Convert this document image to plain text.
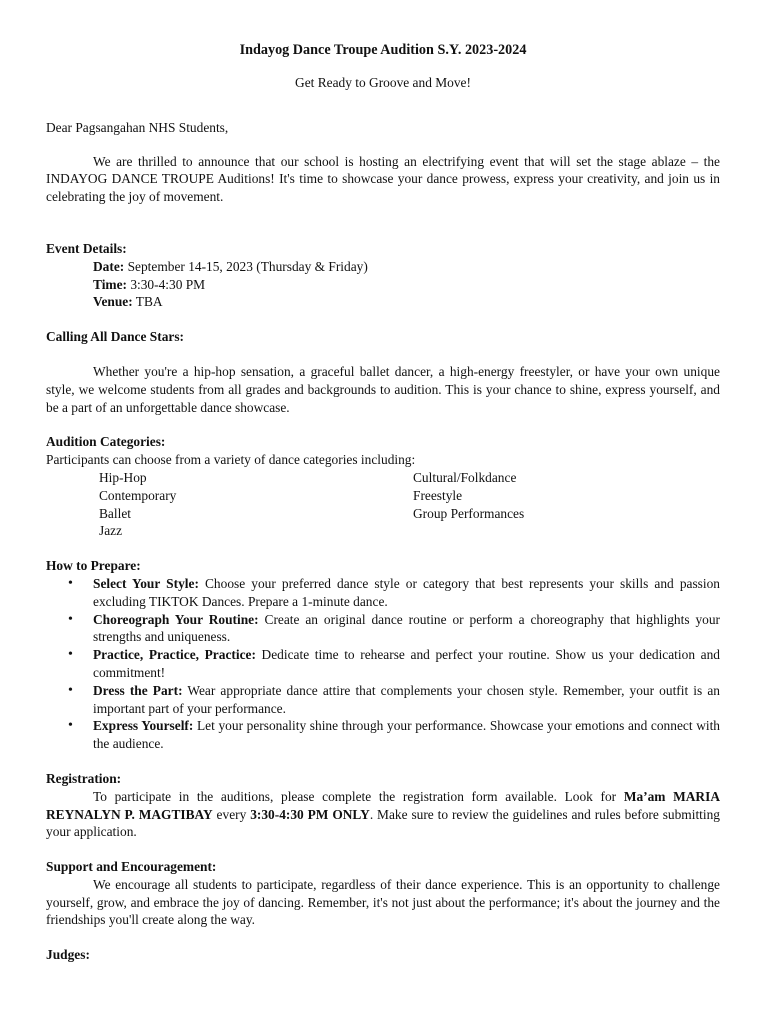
Indayog Dance Troupe Audition S.Y. 2023-2024

Get Ready to Groove and Move!

Dear Pagsangahan NHS Students,

We are thrilled to announce that our school is hosting an electrifying event that will set the stage ablaze – the INDAYOG DANCE TROUPE Auditions! It's time to showcase your dance prowess, express your creativity, and join us in celebrating the joy of movement.

Event Details:

Date: September 14-15, 2023 (Thursday & Friday)

Time: 3:30-4:30 PM

Venue: TBA

Calling All Dance Stars:

Whether you're a hip-hop sensation, a graceful ballet dancer, a high-energy freestyler, or have your own unique style, we welcome students from all grades and backgrounds to audition. This is your chance to shine, express yourself, and be a part of an unforgettable dance showcase.

Audition Categories:

Participants can choose from a variety of dance categories including:

Hip-Hop

Contemporary

Ballet

Jazz

Cultural/Folkdance

Freestyle

Group Performances

How to Prepare:

• Select Your Style: Choose your preferred dance style or category that best represents your skills and passion excluding TIKTOK Dances. Prepare a 1-minute dance.
• Choreograph Your Routine: Create an original dance routine or perform a choreography that highlights your strengths and uniqueness.
• Practice, Practice, Practice: Dedicate time to rehearse and perfect your routine. Show us your dedication and commitment!
• Dress the Part: Wear appropriate dance attire that complements your chosen style. Remember, your outfit is an important part of your performance.
• Express Yourself: Let your personality shine through your performance. Showcase your emotions and connect with the audience.

Registration:

To participate in the auditions, please complete the registration form available. Look for Ma’am MARIA REYNALYN P. MAGTIBAY every 3:30-4:30 PM ONLY. Make sure to review the guidelines and rules before submitting your application.

Support and Encouragement:

We encourage all students to participate, regardless of their dance experience. This is an opportunity to challenge yourself, grow, and embrace the joy of dancing. Remember, it's not just about the performance; it's about the journey and the friendships you'll create along the way.

Judges:
